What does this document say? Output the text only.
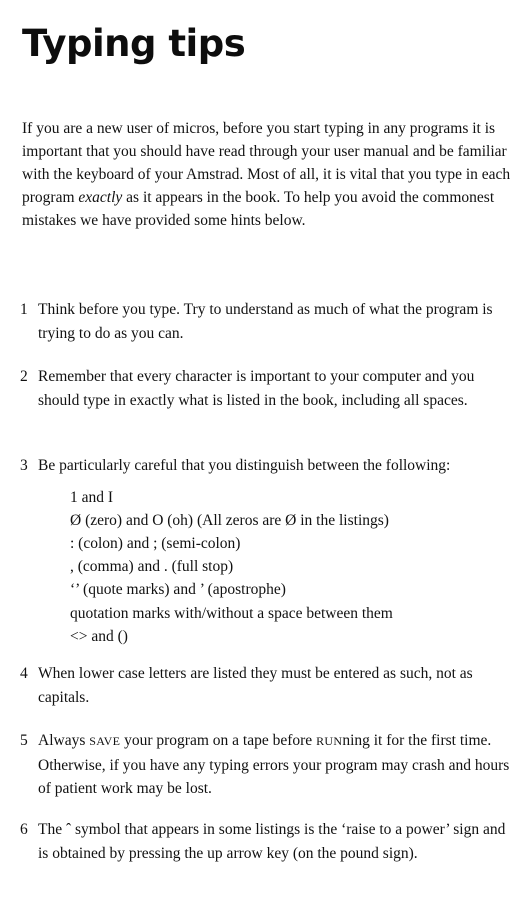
Typing tips

If you are a new user of micros, before you start typing in any programs it is important that you should have read through your user manual and be familiar with the keyboard of your Amstrad. Most of all, it is vital that you type in each program exactly as it appears in the book. To help you avoid the commonest mistakes we have provided some hints below.

1 Think before you type. Try to understand as much of what the program is trying to do as you can.
2 Remember that every character is important to your computer and you should type in exactly what is listed in the book, including all spaces.
3 Be particularly careful that you distinguish between the following:
1 and I
Ø (zero) and O (oh) (All zeros are Ø in the listings)
: (colon) and ; (semi-colon)
, (comma) and . (full stop)
‘’ (quote marks) and ’ (apostrophe)
quotation marks with/without a space between them
<> and ()
4 When lower case letters are listed they must be entered as such, not as capitals.
5 Always SAVE your program on a tape before RUNning it for the first time. Otherwise, if you have any typing errors your program may crash and hours of patient work may be lost.
6 The ˆ symbol that appears in some listings is the ‘raise to a power’ sign and is obtained by pressing the up arrow key (on the pound sign).
